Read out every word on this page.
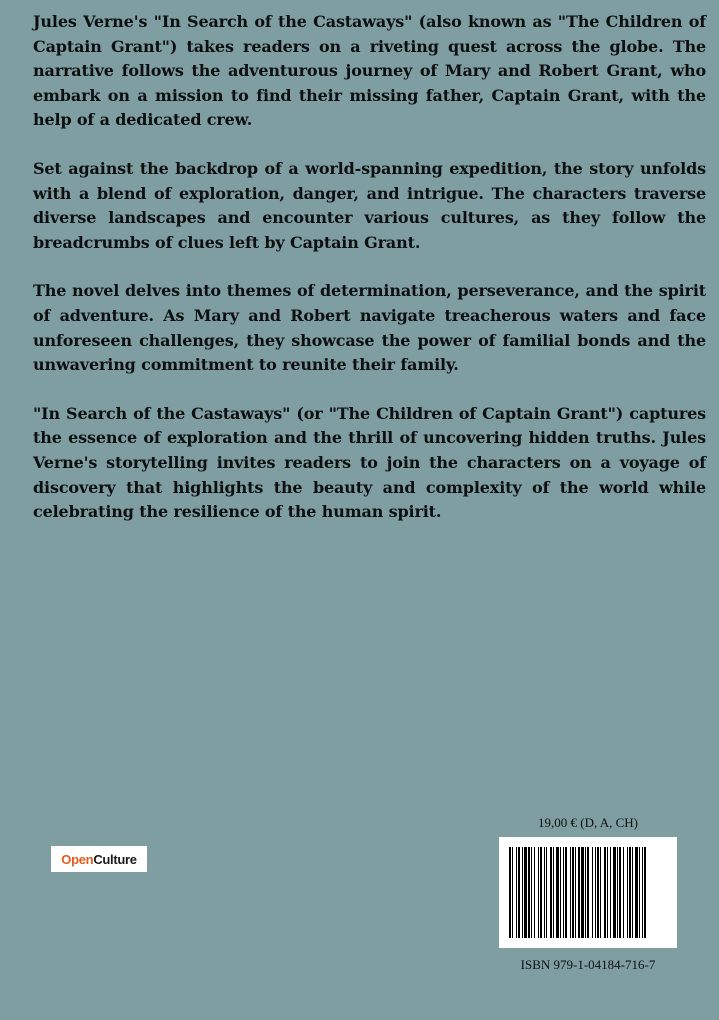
Jules Verne's "In Search of the Castaways" (also known as "The Children of Captain Grant") takes readers on a riveting quest across the globe. The narrative follows the adventurous journey of Mary and Robert Grant, who embark on a mission to find their missing father, Captain Grant, with the help of a dedicated crew.

Set against the backdrop of a world-spanning expedition, the story unfolds with a blend of exploration, danger, and intrigue. The characters traverse diverse landscapes and encounter various cultures, as they follow the breadcrumbs of clues left by Captain Grant.

The novel delves into themes of determination, perseverance, and the spirit of adventure. As Mary and Robert navigate treacherous waters and face unforeseen challenges, they showcase the power of familial bonds and the unwavering commitment to reunite their family.

"In Search of the Castaways" (or "The Children of Captain Grant") captures the essence of exploration and the thrill of uncovering hidden truths. Jules Verne's storytelling invites readers to join the characters on a voyage of discovery that highlights the beauty and complexity of the world while celebrating the resilience of the human spirit.

Open Culture
19,00 € (D, A, CH)
ISBN 979-1-04184-716-7
